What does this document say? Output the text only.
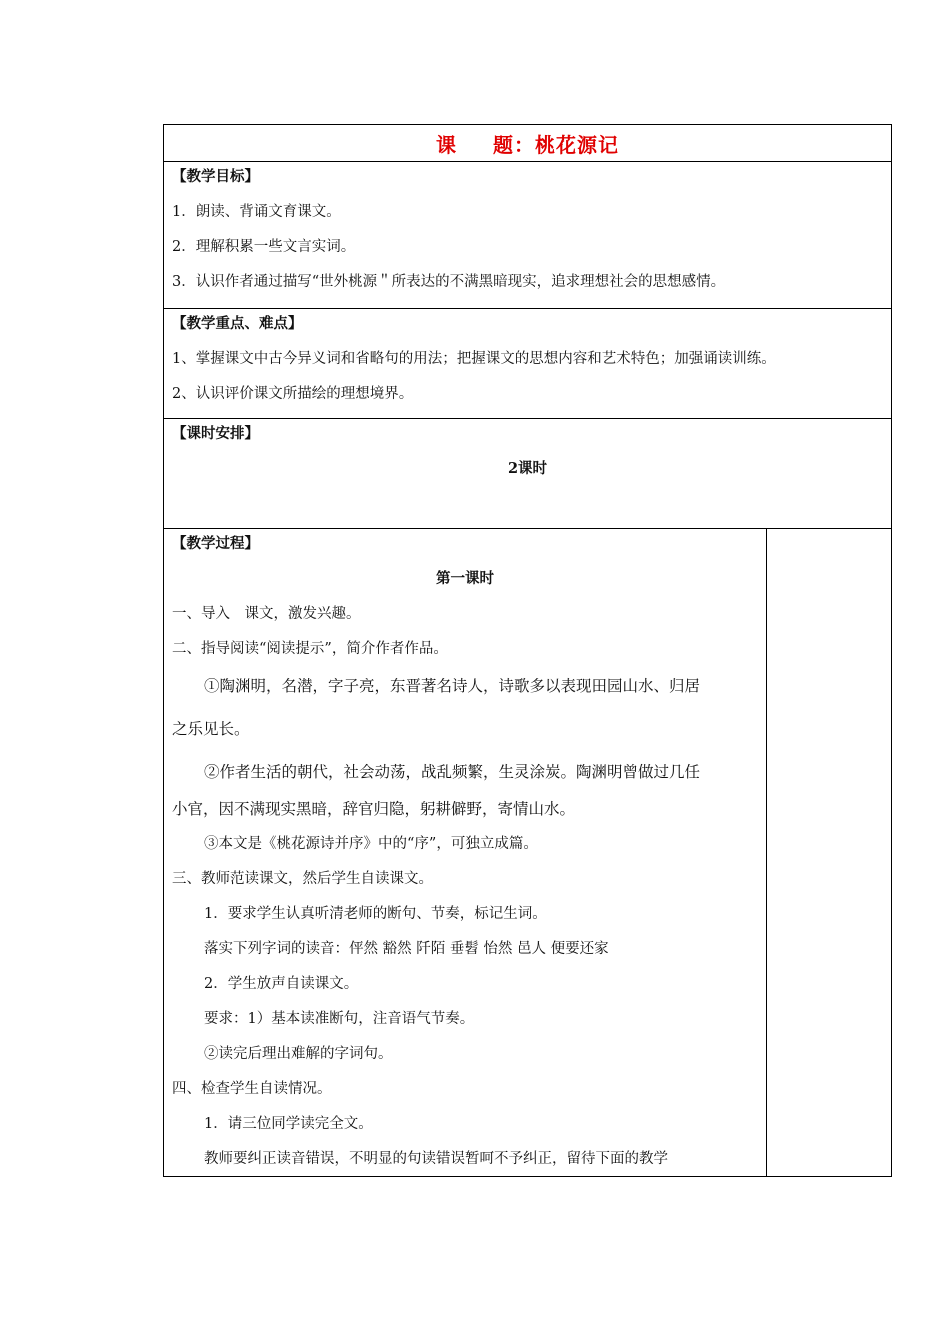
课 题：桃花源记
【教学目标】
1．朗读、背诵文育课文。
2．理解积累一些文言实词。
3．认识作者通过描写“世外桃源＂所表达的不满黑暗现实，追求理想社会的思想感情。
【教学重点、难点】
1、掌握课文中古今异义词和省略句的用法；把握课文的思想内容和艺术特色；加强诵读训练。
2、认识评价课文所描绘的理想境界。
【课时安排】
2课时
【教学过程】
第一课时
一、导入　课文，激发兴趣。
二、指导阅读“阅读提示”，简介作者作品。
①陶渊明，名潜，字子亮，东晋著名诗人，诗歌多以表现田园山水、归居
之乐见长。
②作者生活的朝代，社会动荡，战乱频繁，生灵涂炭。陶渊明曾做过几任
小官，因不满现实黑暗，辞官归隐，躬耕僻野，寄情山水。
③本文是《桃花源诗并序》中的“序”，可独立成篇。
三、教师范读课文，然后学生自读课文。
1．要求学生认真听清老师的断句、节奏，标记生词。
落实下列字词的读音：伻然 豁然 阡陌 垂髫 怡然 邑人 便要还家
2．学生放声自读课文。
要求：1）基本读准断句，注音语气节奏。
②读完后理出难解的字词句。
四、检查学生自读情况。
1．请三位同学读完全文。
教师要纠正读音错误，不明显的句读错误暂呵不予纠正，留待下面的教学
